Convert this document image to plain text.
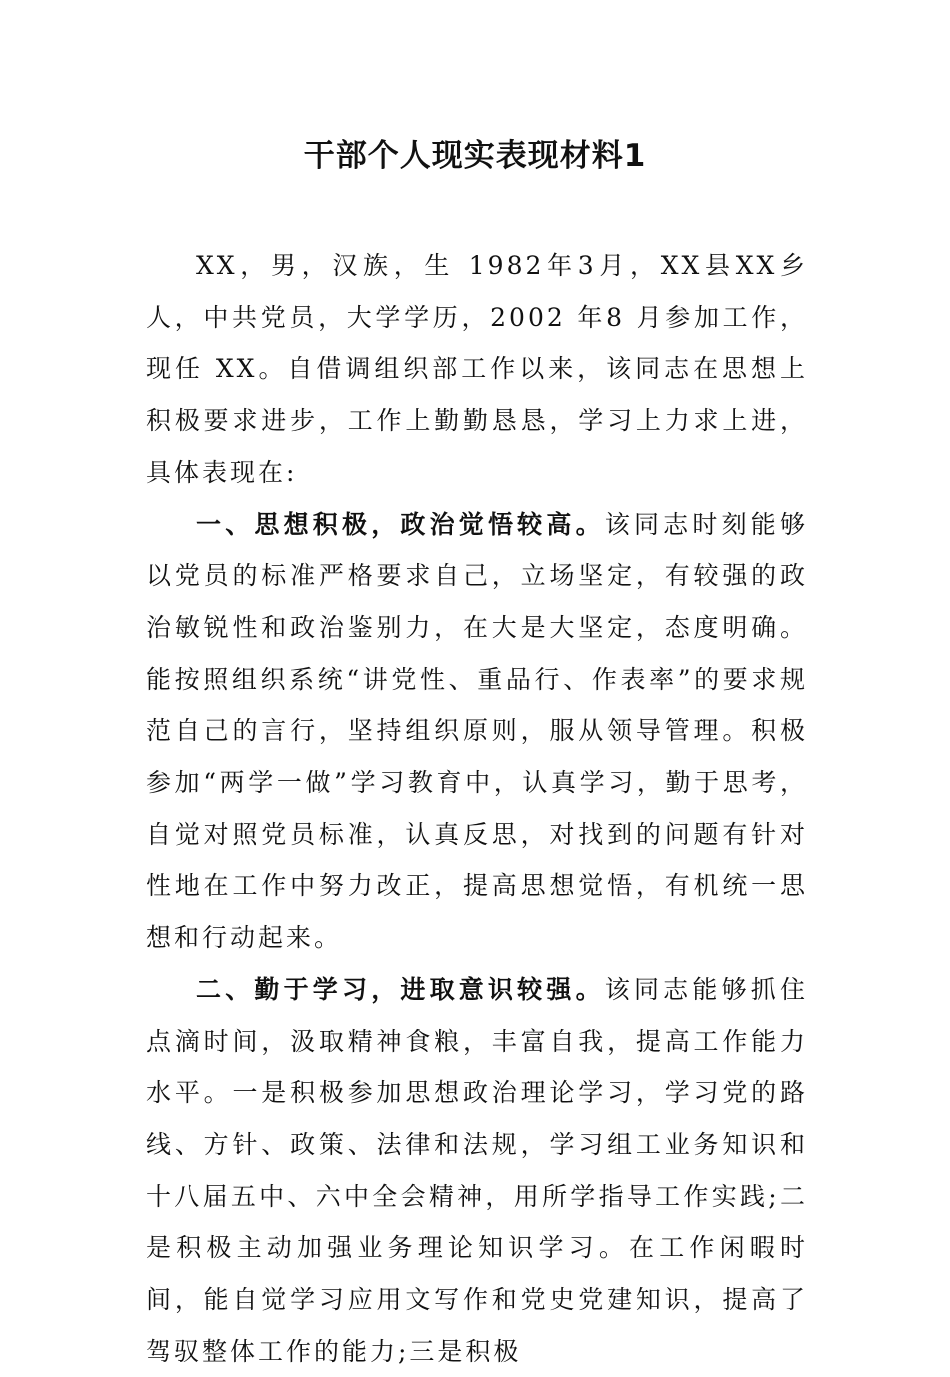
干部个人现实表现材料1

XX，男，汉族，生 1982年3月，XX县XX乡人，中共党员，大学学历，2002 年8 月参加工作，现任 XX。自借调组织部工作以来，该同志在思想上积极要求进步，工作上勤勤恳恳，学习上力求上进，具体表现在:

一、思想积极，政治觉悟较高。该同志时刻能够以党员的标准严格要求自己，立场坚定，有较强的政治敏锐性和政治鉴别力，在大是大坚定，态度明确。能按照组织系统“讲党性、重品行、作表率”的要求规范自己的言行，坚持组织原则，服从领导管理。积极参加“两学一做”学习教育中，认真学习，勤于思考，自觉对照党员标准，认真反思，对找到的问题有针对性地在工作中努力改正，提高思想觉悟，有机统一思想和行动起来。

二、勤于学习，进取意识较强。该同志能够抓住点滴时间，汲取精神食粮，丰富自我，提高工作能力水平。一是积极参加思想政治理论学习，学习党的路线、方针、政策、法律和法规，学习组工业务知识和十八届五中、六中全会精神，用所学指导工作实践;二是积极主动加强业务理论知识学习。在工作闲暇时间，能自觉学习应用文写作和党史党建知识，提高了驾驭整体工作的能力;三是积极
